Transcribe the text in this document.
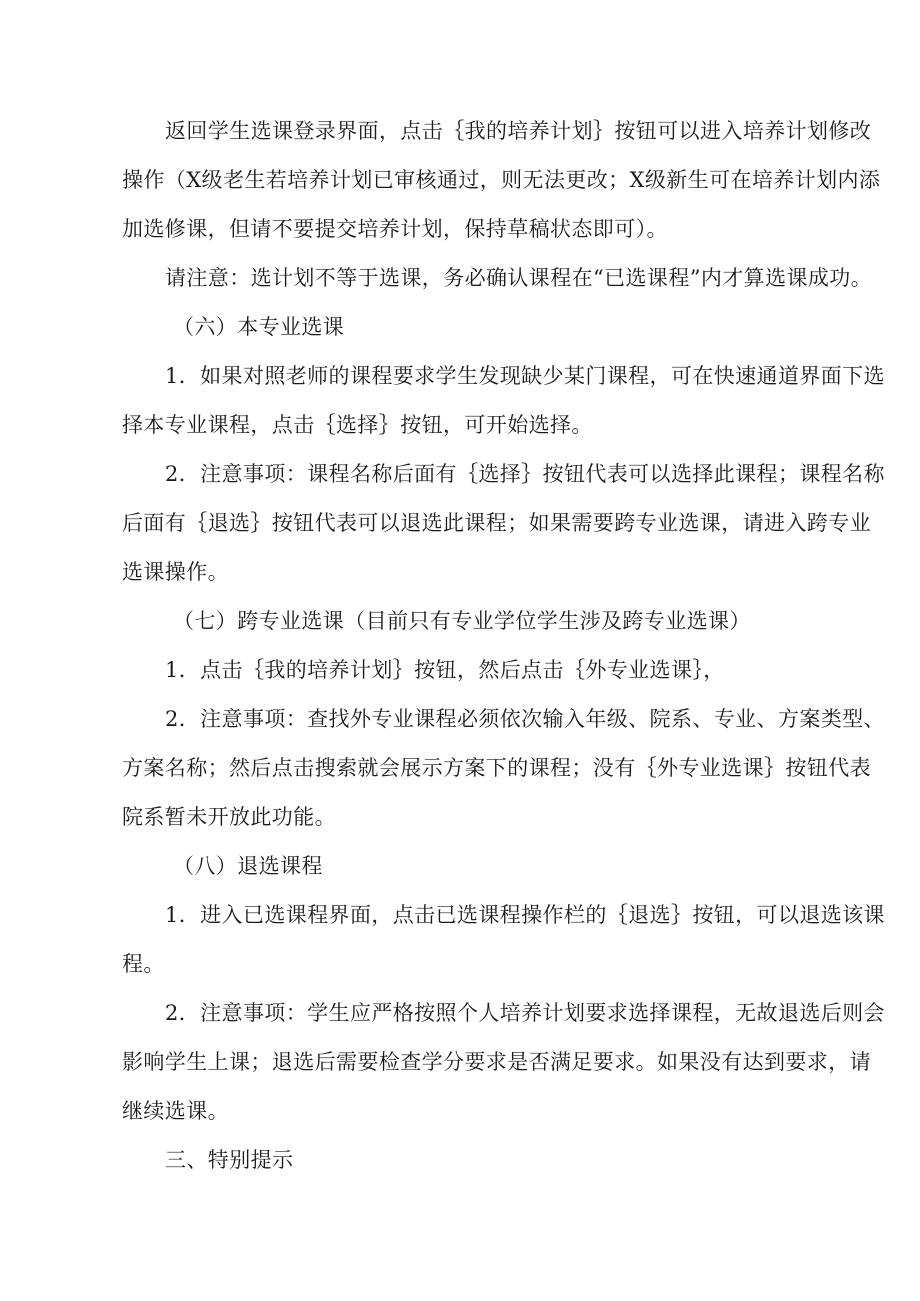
返回学生选课登录界面，点击｛我的培养计划｝按钮可以进入培养计划修改
操作（X级老生若培养计划已审核通过，则无法更改；X级新生可在培养计划内添
加选修课，但请不要提交培养计划，保持草稿状态即可）。
请注意：选计划不等于选课，务必确认课程在“已选课程”内才算选课成功。
（六）本专业选课
1．如果对照老师的课程要求学生发现缺少某门课程，可在快速通道界面下选
择本专业课程，点击｛选择｝按钮，可开始选择。
2．注意事项：课程名称后面有｛选择｝按钮代表可以选择此课程；课程名称
后面有｛退选｝按钮代表可以退选此课程；如果需要跨专业选课，请进入跨专业
选课操作。
（七）跨专业选课（目前只有专业学位学生涉及跨专业选课）
1．点击｛我的培养计划｝按钮，然后点击｛外专业选课｝，
2．注意事项：查找外专业课程必须依次输入年级、院系、专业、方案类型、
方案名称；然后点击搜索就会展示方案下的课程；没有｛外专业选课｝按钮代表
院系暂未开放此功能。
（八）退选课程
1．进入已选课程界面，点击已选课程操作栏的｛退选｝按钮，可以退选该课
程。
2．注意事项：学生应严格按照个人培养计划要求选择课程，无故退选后则会
影响学生上课；退选后需要检查学分要求是否满足要求。如果没有达到要求，请
继续选课。
三、特别提示
